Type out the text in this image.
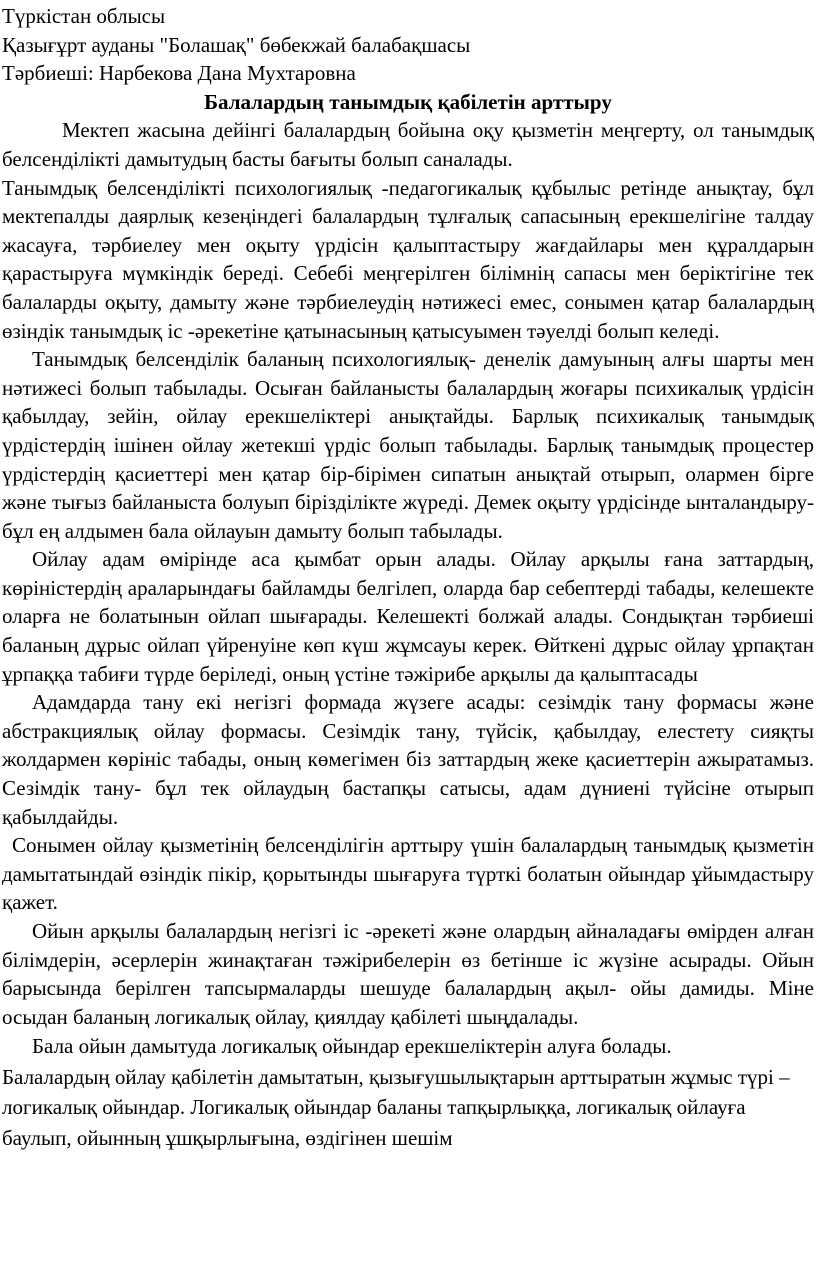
Түркістан облысы

Қазығұрт ауданы "Болашақ" бөбекжай балабақшасы

Тәрбиеші: Нарбекова Дана Мухтаровна

Балалардың танымдық қабілетін арттыру

Мектеп жасына дейінгі балалардың бойына оқу қызметін меңгерту, ол танымдық белсенділікті дамытудың басты бағыты болып саналады.

Танымдық белсенділікті психологиялық -педагогикалық құбылыс ретінде анықтау, бұл мектепалды даярлық кезеңіндегі балалардың тұлғалық сапасының ерекшелігіне талдау жасауға, тәрбиелеу мен оқыту үрдісін қалыптастыру жағдайлары мен құралдарын қарастыруға мүмкіндік береді. Себебі меңгерілген білімнің сапасы мен беріктігіне тек балаларды оқыту, дамыту және тәрбиелеудің нәтижесі емес, сонымен қатар балалардың өзіндік танымдық іс -әрекетіне қатынасының қатысуымен тәуелді болып келеді.

Танымдық белсенділік баланың психологиялық- денелік дамуының алғы шарты мен нәтижесі болып табылады. Осыған байланысты балалардың жоғары психикалық үрдісін қабылдау, зейін, ойлау ерекшеліктері анықтайды. Барлық психикалық танымдық үрдістердің ішінен ойлау жетекші үрдіс болып табылады. Барлық танымдық процестер үрдістердің қасиеттері мен қатар бір-бірімен сипатын анықтай отырып, олармен бірге және тығыз байланыста болуып бірізділікте жүреді. Демек оқыту үрдісінде ынталандыру- бұл ең алдымен бала ойлауын дамыту болып табылады.

Ойлау адам өмірінде аса қымбат орын алады. Ойлау арқылы ғана заттардың, көріністердің араларындағы байламды белгілеп, оларда бар себептерді табады, келешекте оларға не болатынын ойлап шығарады. Келешекті болжай алады. Сондықтан тәрбиеші баланың дұрыс ойлап үйренуіне көп күш жұмсауы керек. Өйткені дұрыс ойлау ұрпақтан ұрпаққа табиғи түрде беріледі, оның үстіне тәжірибе арқылы да қалыптасады

Адамдарда тану екі негізгі формада жүзеге асады: сезімдік тану формасы және абстракциялық ойлау формасы. Сезімдік тану, түйсік, қабылдау, елестету сияқты жолдармен көрініс табады, оның көмегімен біз заттардың жеке қасиеттерін ажыратамыз. Сезімдік тану- бұл тек ойлаудың бастапқы сатысы, адам дүниені түйсіне отырып қабылдайды.

Сонымен ойлау қызметінің белсенділігін арттыру үшін балалардың танымдық қызметін дамытатындай өзіндік пікір, қорытынды шығаруға түрткі болатын ойындар ұйымдастыру қажет.

Ойын арқылы балалардың негізгі іс -әрекеті және олардың айналадағы өмірден алған білімдерін, әсерлерін жинақтаған тәжірибелерін өз бетінше іс жүзіне асырады. Ойын барысында берілген тапсырмаларды шешуде балалардың ақыл- ойы дамиды. Міне осыдан баланың логикалық ойлау, қиялдау қабілеті шыңдалады.

Бала ойын дамытуда логикалық ойындар ерекшеліктерін алуға болады.

Балалардың ойлау қабілетін дамытатын, қызығушылықтарын арттыратын жұмыс түрі – логикалық ойындар. Логикалық ойындар баланы тапқырлыққа, логикалық ойлауға баулып, ойынның ұшқырлығына, өздігінен шешім
